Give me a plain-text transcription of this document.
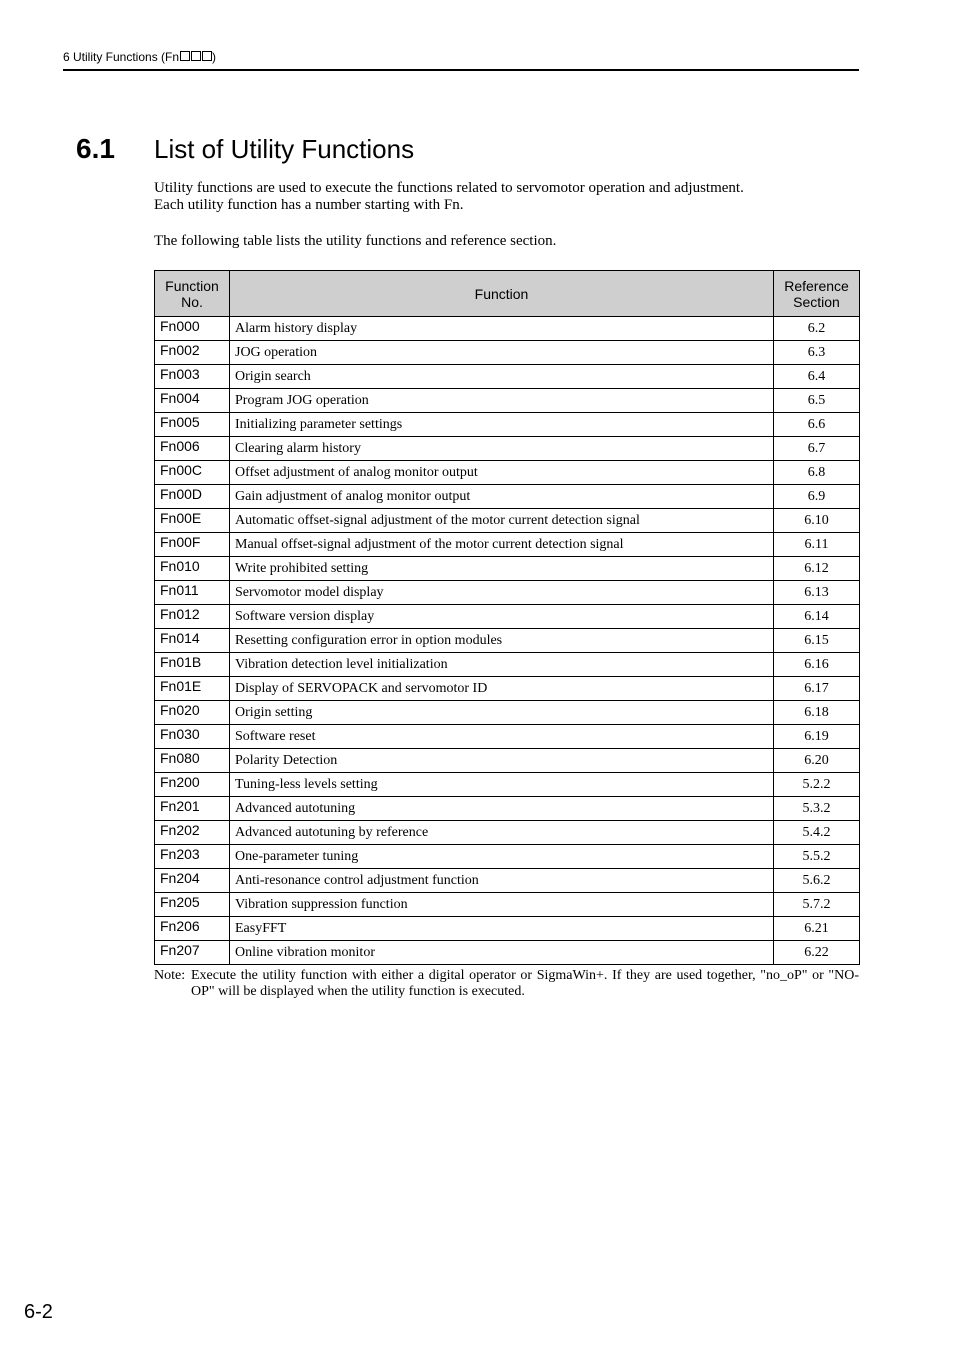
6 Utility Functions (Fn	)
6.1 List of Utility Functions

Utility functions are used to execute the functions related to servomotor operation and adjustment.

Each utility function has a number starting with Fn.

The following table lists the utility functions and reference section.

Function No.	Function	Reference Section
Fn000	Alarm history display	6.2
Fn002	JOG operation	6.3
Fn003	Origin search	6.4
Fn004	Program JOG operation	6.5
Fn005	Initializing parameter settings	6.6
Fn006	Clearing alarm history	6.7
Fn00C	Offset adjustment of analog monitor output	6.8
Fn00D	Gain adjustment of analog monitor output	6.9
Fn00E	Automatic offset-signal adjustment of the motor current detection signal	6.10
Fn00F	Manual offset-signal adjustment of the motor current detection signal	6.11
Fn010	Write prohibited setting	6.12
Fn011	Servomotor model display	6.13
Fn012	Software version display	6.14
Fn014	Resetting configuration error in option modules	6.15
Fn01B	Vibration detection level initialization	6.16
Fn01E	Display of SERVOPACK and servomotor ID	6.17
Fn020	Origin setting	6.18
Fn030	Software reset	6.19
Fn080	Polarity Detection	6.20
Fn200	Tuning-less levels setting	5.2.2
Fn201	Advanced autotuning	5.3.2
Fn202	Advanced autotuning by reference	5.4.2
Fn203	One-parameter tuning	5.5.2
Fn204	Anti-resonance control adjustment function	5.6.2
Fn205	Vibration suppression function	5.7.2
Fn206	EasyFFT	6.21
Fn207	Online vibration monitor	6.22
Note: Execute the utility function with either a digital operator or SigmaWin+. If they are used together, "no_oP" or "NO-OP" will be displayed when the utility function is executed.
6-2
